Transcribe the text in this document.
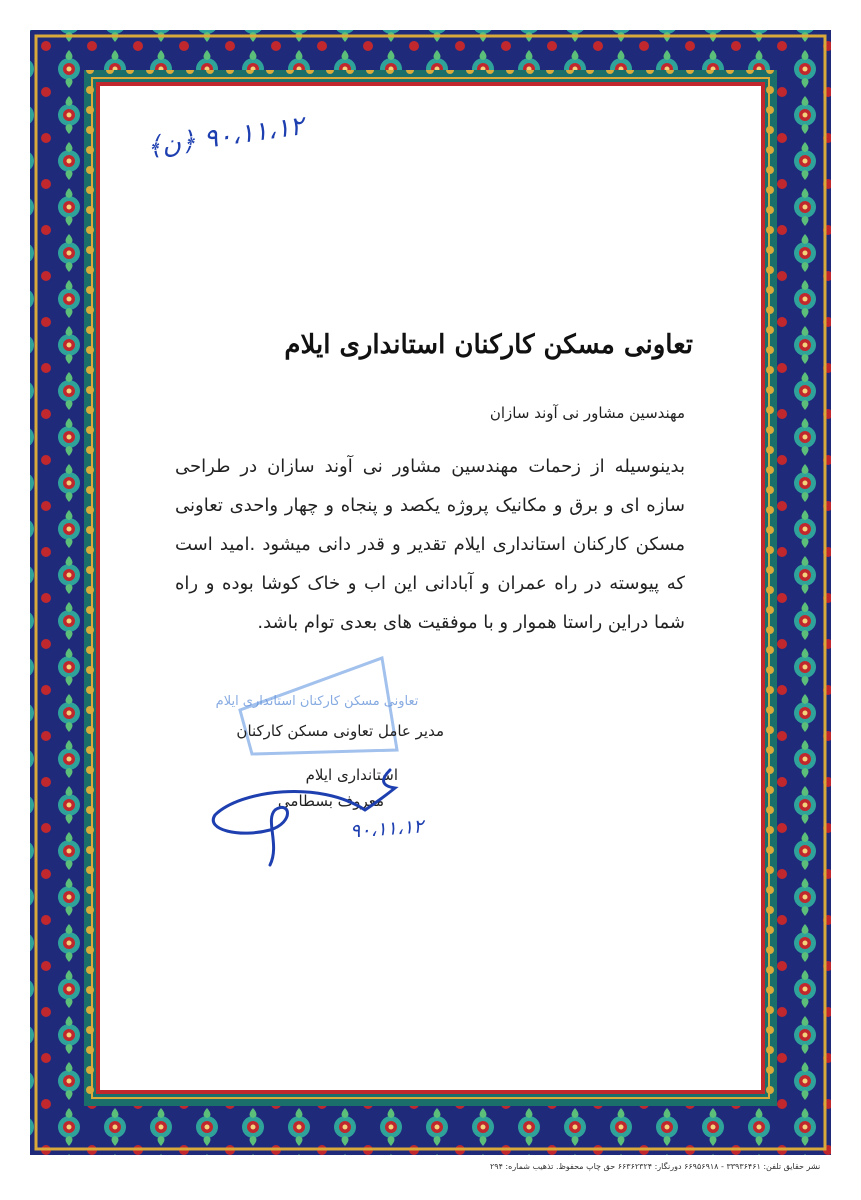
۹۰،۱۱،۱۲ ﴿ن﴾
تعاونی مسکن کارکنان استانداری ایلام
مهندسین مشاور نی آوند سازان
بدینوسیله از زحمات مهندسین مشاور نی آوند سازان در طراحی سازه ای و برق و مکانیک پروژه یکصد و پنجاه و چهار واحدی تعاونی مسکن کارکنان استانداری ایلام تقدیر و قدر دانی میشود .امید است که پیوسته در راه عمران و آبادانی این اب و خاک کوشا بوده و راه شما دراین راستا هموار و با موفقیت های بعدی توام باشد.
تعاونی مسکن کارکنان استانداری ایلام
مدیر عامل تعاونی مسکن کارکنان
استانداری ایلام
معروف بسطامی
۹۰،۱۱،۱۲
نشر حقایق تلفن: ۳۳۹۳۶۴۶۱ - ۶۶۹۵۶۹۱۸ دورنگار: ۶۶۳۶۲۳۲۴ حق چاپ محفوظ. تذهیب شماره: ۲۹۴
